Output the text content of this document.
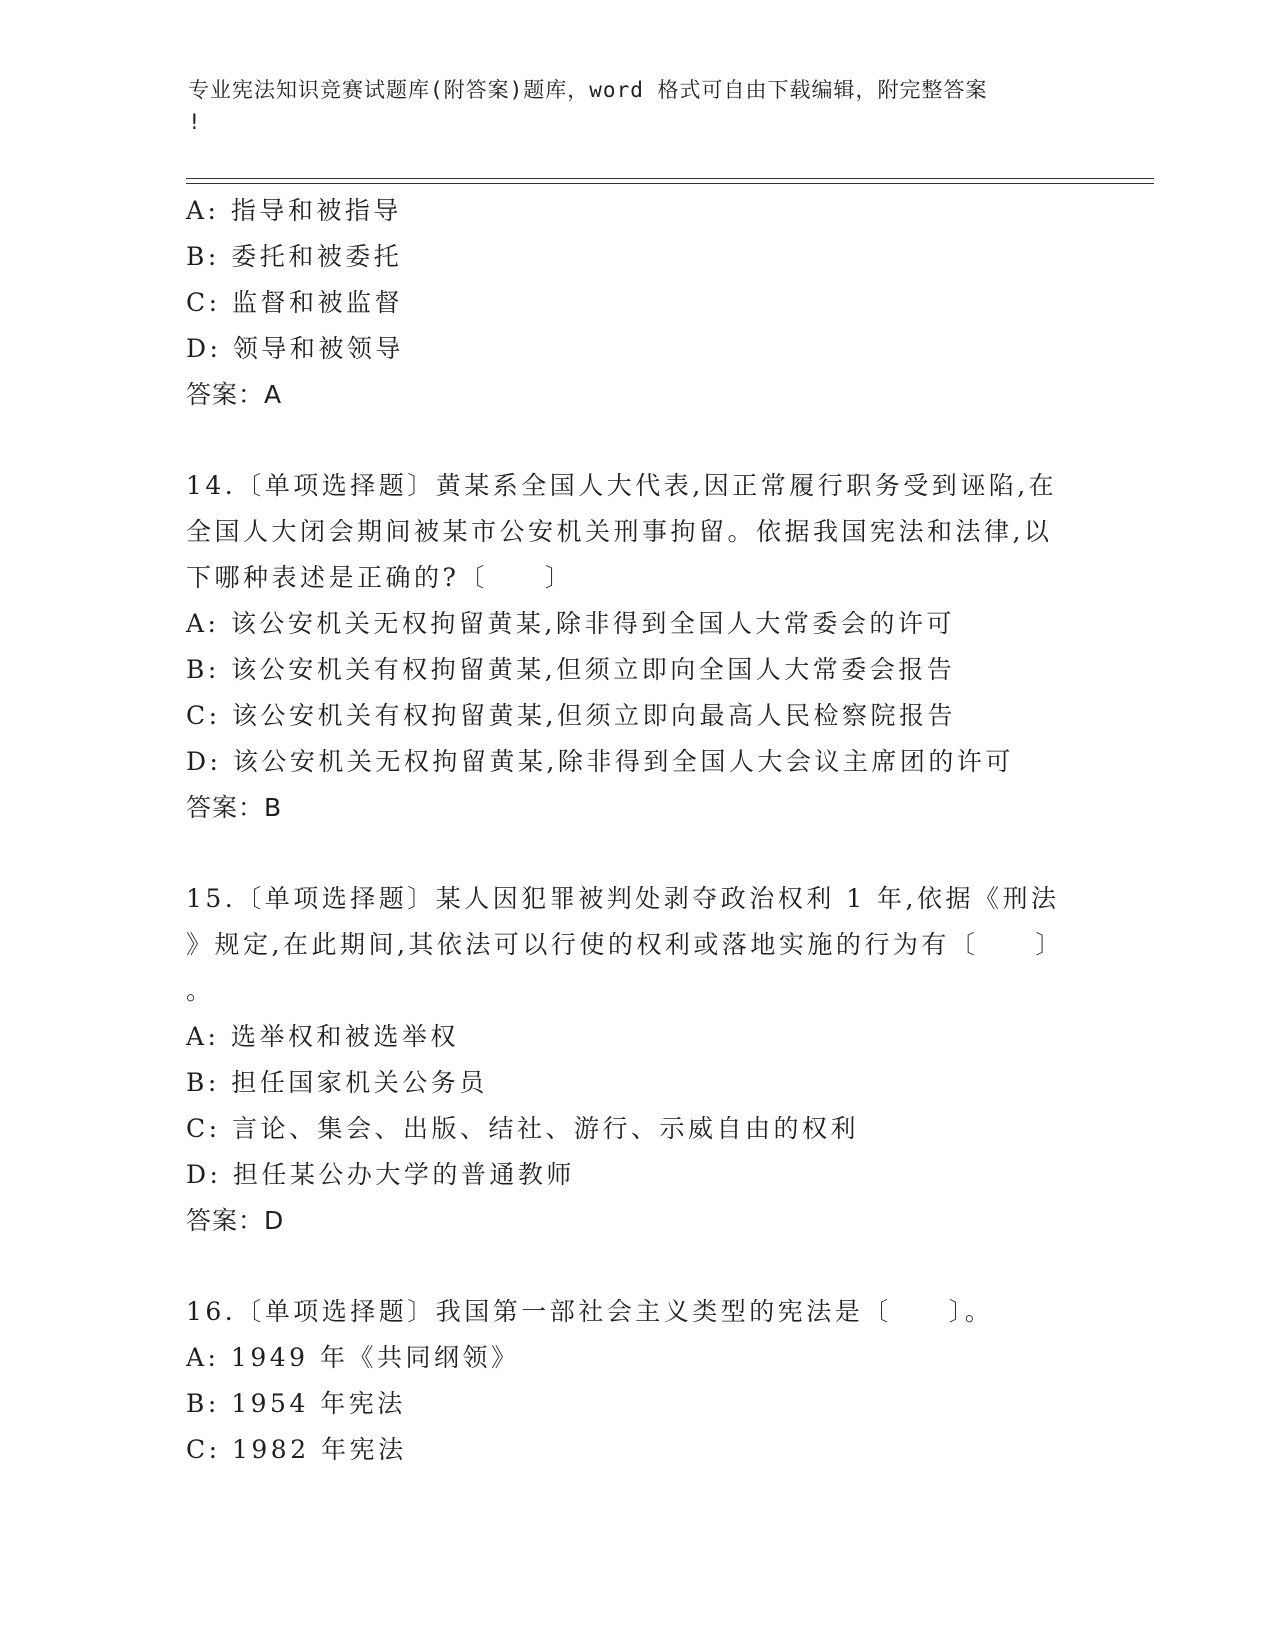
专业宪法知识竞赛试题库(附答案)题库，word 格式可自由下载编辑，附完整答案
!
A: 指导和被指导
B: 委托和被委托
C: 监督和被监督
D: 领导和被领导
答案：A
14.〔单项选择题〕黄某系全国人大代表,因正常履行职务受到诬陷,在
全国人大闭会期间被某市公安机关刑事拘留。依据我国宪法和法律,以
下哪种表述是正确的?〔　　〕
A: 该公安机关无权拘留黄某,除非得到全国人大常委会的许可
B: 该公安机关有权拘留黄某,但须立即向全国人大常委会报告
C: 该公安机关有权拘留黄某,但须立即向最高人民检察院报告
D: 该公安机关无权拘留黄某,除非得到全国人大会议主席团的许可
答案：B
15.〔单项选择题〕某人因犯罪被判处剥夺政治权利 1 年,依据《刑法
》规定,在此期间,其依法可以行使的权利或落地实施的行为有〔　　〕
。
A: 选举权和被选举权
B: 担任国家机关公务员
C: 言论、集会、出版、结社、游行、示威自由的权利
D: 担任某公办大学的普通教师
答案：D
16.〔单项选择题〕我国第一部社会主义类型的宪法是〔　　〕。
A: 1949 年《共同纲领》
B: 1954 年宪法
C: 1982 年宪法
